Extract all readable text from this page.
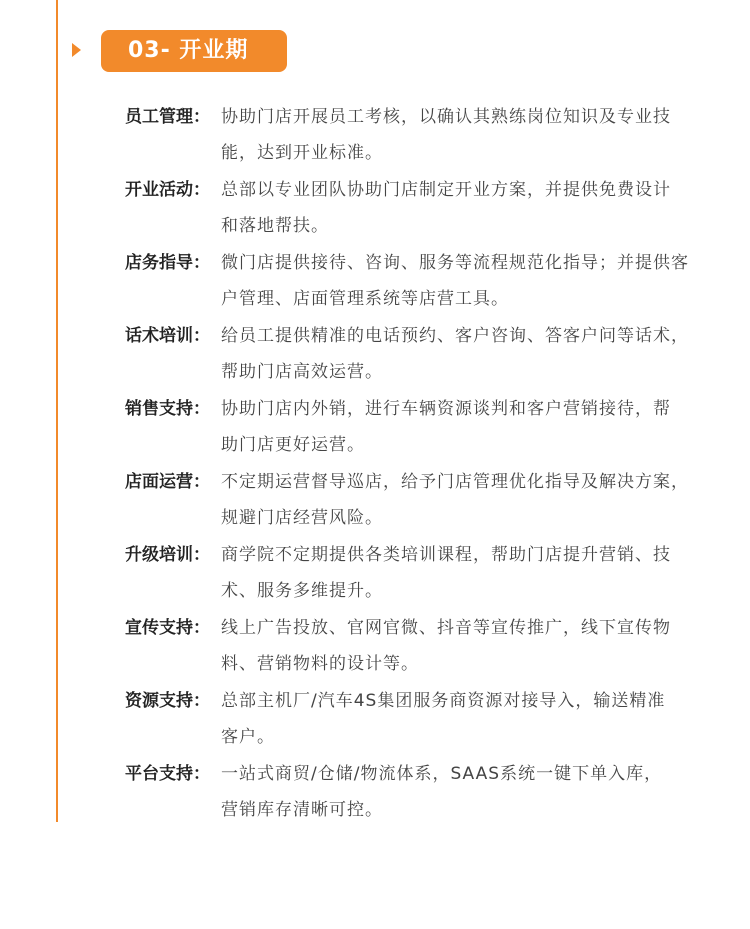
03- 开业期
员工管理： 协助门店开展员工考核，以确认其熟练岗位知识及专业技
能，达到开业标准。
开业活动： 总部以专业团队协助门店制定开业方案，并提供免费设计
和落地帮扶。
店务指导： 微门店提供接待、咨询、服务等流程规范化指导；并提供客
户管理、店面管理系统等店营工具。
话术培训： 给员工提供精准的电话预约、客户咨询、答客户问等话术，
帮助门店高效运营。
销售支持： 协助门店内外销，进行车辆资源谈判和客户营销接待，帮
助门店更好运营。
店面运营： 不定期运营督导巡店，给予门店管理优化指导及解决方案，
规避门店经营风险。
升级培训： 商学院不定期提供各类培训课程，帮助门店提升营销、技
术、服务多维提升。
宣传支持： 线上广告投放、官网官微、抖音等宣传推广，线下宣传物
料、营销物料的设计等。
资源支持： 总部主机厂/汽车4S集团服务商资源对接导入，输送精准
客户。
平台支持： 一站式商贸/仓储/物流体系，SAAS系统一键下单入库，
营销库存清晰可控。
